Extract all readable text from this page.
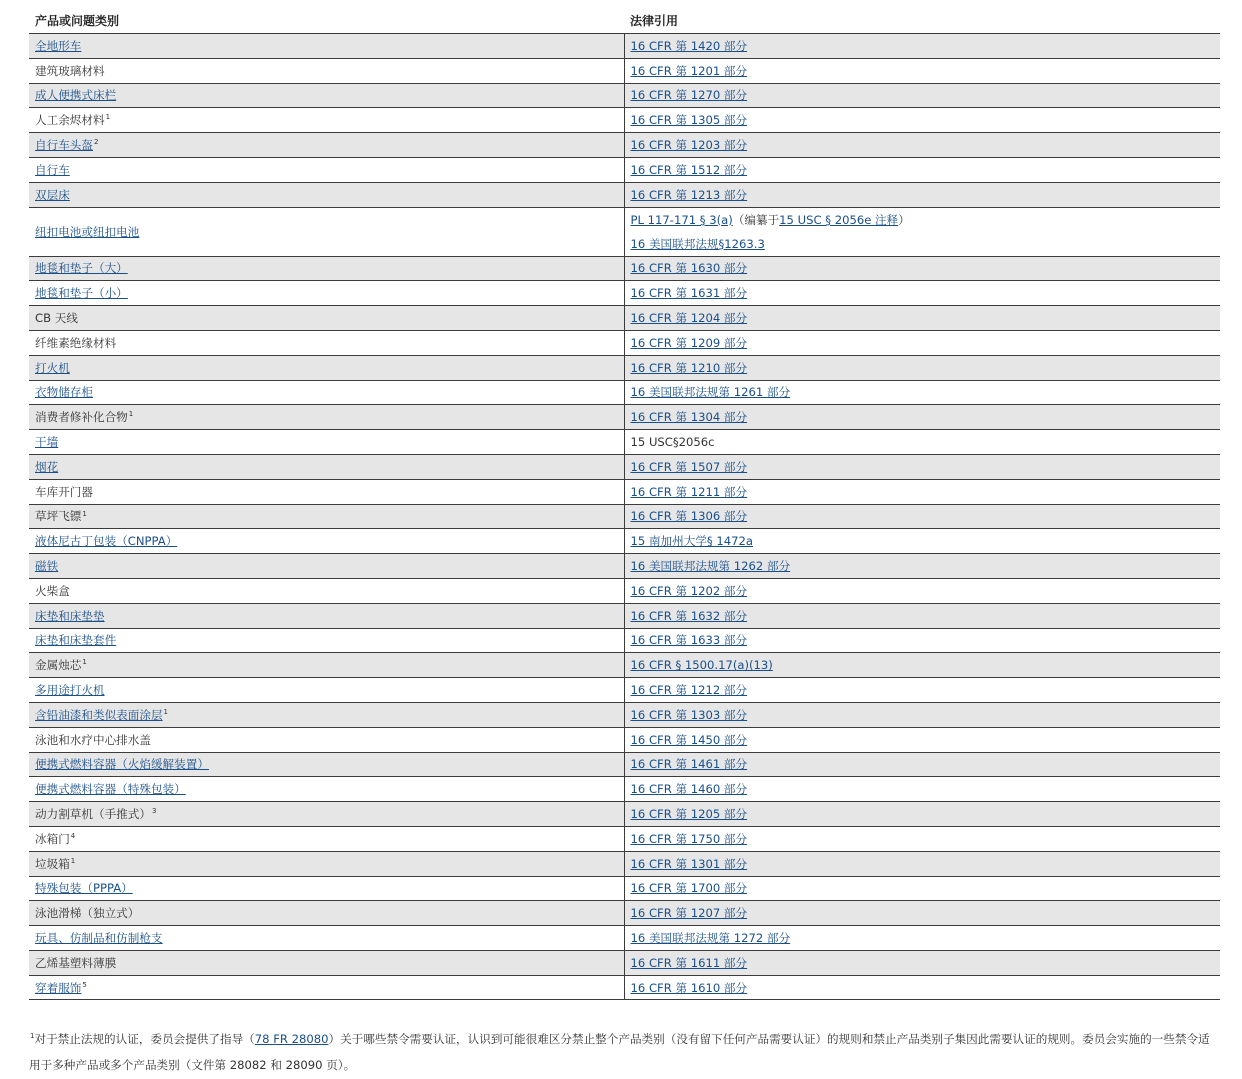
产品或问题类别	法律引用
全地形车	16 CFR 第 1420 部分
建筑玻璃材料	16 CFR 第 1201 部分
成人便携式床栏	16 CFR 第 1270 部分
人工余烬材料$^1$	16 CFR 第 1305 部分
自行车头盔$^2$	16 CFR 第 1203 部分
自行车	16 CFR 第 1512 部分
双层床	16 CFR 第 1213 部分
纽扣电池或纽扣电池	PL 117-171 § 3(a)（编纂于15 USC § 2056e 注释）
16 美国联邦法规§1263.3

地毯和垫子（大）	16 CFR 第 1630 部分
地毯和垫子（小）	16 CFR 第 1631 部分
CB 天线	16 CFR 第 1204 部分
纤维素绝缘材料	16 CFR 第 1209 部分
打火机	16 CFR 第 1210 部分
衣物储存柜	16 美国联邦法规第 1261 部分
消费者修补化合物$^1$	16 CFR 第 1304 部分
干墙	15 USC§2056c
烟花	16 CFR 第 1507 部分
车库开门器	16 CFR 第 1211 部分
草坪飞镖$^1$	16 CFR 第 1306 部分
液体尼古丁包装（CNPPA）	15 南加州大学§ 1472a
磁铁	16 美国联邦法规第 1262 部分
火柴盒	16 CFR 第 1202 部分
床垫和床垫垫	16 CFR 第 1632 部分
床垫和床垫套件	16 CFR 第 1633 部分
金属烛芯$^1$	16 CFR § 1500.17(a)(13)
多用途打火机	16 CFR 第 1212 部分
含铅油漆和类似表面涂层$^1$	16 CFR 第 1303 部分
泳池和水疗中心排水盖	16 CFR 第 1450 部分
便携式燃料容器（火焰缓解装置）	16 CFR 第 1461 部分
便携式燃料容器（特殊包装）	16 CFR 第 1460 部分
动力割草机（手推式）$^3$	16 CFR 第 1205 部分
冰箱门$^4$	16 CFR 第 1750 部分
垃圾箱$^1$	16 CFR 第 1301 部分
特殊包装（PPPA）	16 CFR 第 1700 部分
泳池滑梯（独立式）	16 CFR 第 1207 部分
玩具、仿制品和仿制枪支	16 美国联邦法规第 1272 部分
乙烯基塑料薄膜	16 CFR 第 1611 部分
穿着服饰$^5$	16 CFR 第 1610 部分
$^1$对于禁止法规的认证，委员会提供了指导（78 FR 28080）关于哪些禁令需要认证，认识到可能很难区分禁止整个产品类别（没有留下任何产品需要认证）的规则和禁止产品类别子集因此需要认证的规则。委员会实施的一些禁令适用于多种产品或多个产品类别（文件第 28082 和 28090 页）。
